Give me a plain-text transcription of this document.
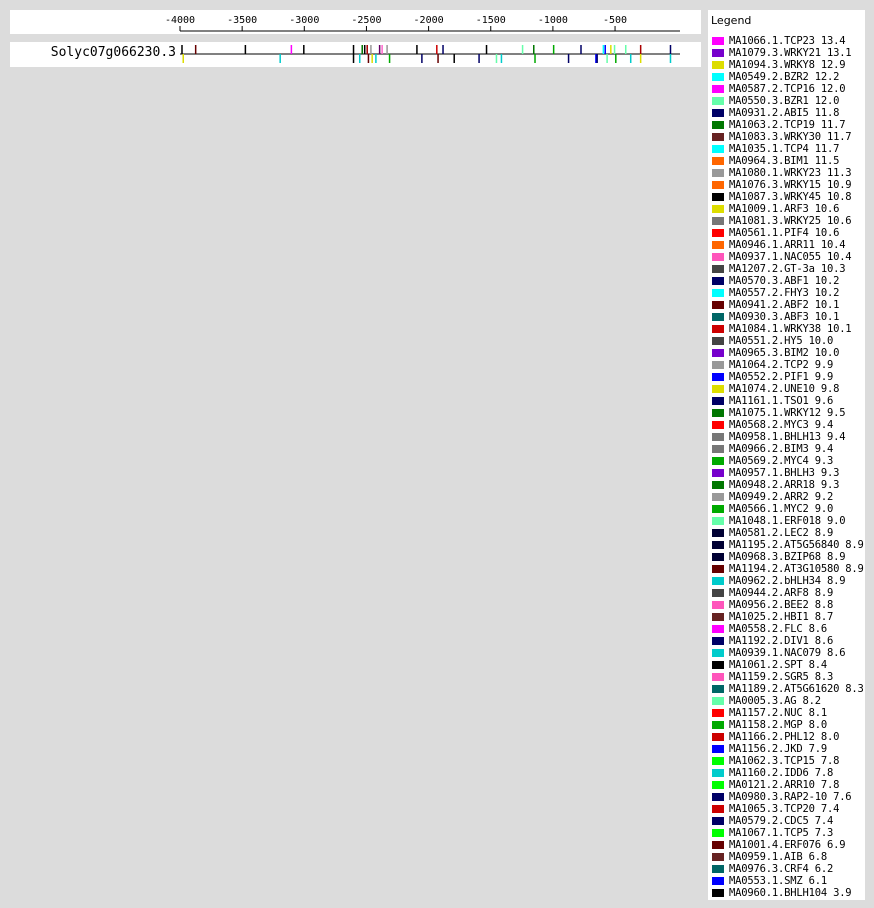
-4000	-3500	-3000	-2500	-2000	-1500	-1000	-500
Solyc07g066230.3
Legend
MA1066.1.TCP23 13.4
MA1079.3.WRKY21 13.1
MA1094.3.WRKY8 12.9
MA0549.2.BZR2 12.2
MA0587.2.TCP16 12.0
MA0550.3.BZR1 12.0
MA0931.2.ABI5 11.8
MA1063.2.TCP19 11.7
MA1083.3.WRKY30 11.7
MA1035.1.TCP4 11.7
MA0964.3.BIM1 11.5
MA1080.1.WRKY23 11.3
MA1076.3.WRKY15 10.9
MA1087.3.WRKY45 10.8
MA1009.1.ARF3 10.6
MA1081.3.WRKY25 10.6
MA0561.1.PIF4 10.6
MA0946.1.ARR11 10.4
MA0937.1.NAC055 10.4
MA1207.2.GT-3a 10.3
MA0570.3.ABF1 10.2
MA0557.2.FHY3 10.2
MA0941.2.ABF2 10.1
MA0930.3.ABF3 10.1
MA1084.1.WRKY38 10.1
MA0551.2.HY5 10.0
MA0965.3.BIM2 10.0
MA1064.2.TCP2 9.9
MA0552.2.PIF1 9.9
MA1074.2.UNE10 9.8
MA1161.1.TSO1 9.6
MA1075.1.WRKY12 9.5
MA0568.2.MYC3 9.4
MA0958.1.BHLH13 9.4
MA0966.2.BIM3 9.4
MA0569.2.MYC4 9.3
MA0957.1.BHLH3 9.3
MA0948.2.ARR18 9.3
MA0949.2.ARR2 9.2
MA0566.1.MYC2 9.0
MA1048.1.ERF018 9.0
MA0581.2.LEC2 8.9
MA1195.2.AT5G56840 8.9
MA0968.3.BZIP68 8.9
MA1194.2.AT3G10580 8.9
MA0962.2.bHLH34 8.9
MA0944.2.ARF8 8.9
MA0956.2.BEE2 8.8
MA1025.2.HBI1 8.7
MA0558.2.FLC 8.6
MA1192.2.DIV1 8.6
MA0939.1.NAC079 8.6
MA1061.2.SPT 8.4
MA1159.2.SGR5 8.3
MA1189.2.AT5G61620 8.3
MA0005.3.AG 8.2
MA1157.2.NUC 8.1
MA1158.2.MGP 8.0
MA1166.2.PHL12 8.0
MA1156.2.JKD 7.9
MA1062.3.TCP15 7.8
MA1160.2.IDD6 7.8
MA0121.2.ARR10 7.8
MA0980.3.RAP2-10 7.6
MA1065.3.TCP20 7.4
MA0579.2.CDC5 7.4
MA1067.1.TCP5 7.3
MA1001.4.ERF076 6.9
MA0959.1.AIB 6.8
MA0976.3.CRF4 6.2
MA0553.1.SMZ 6.1
MA0960.1.BHLH104 3.9
